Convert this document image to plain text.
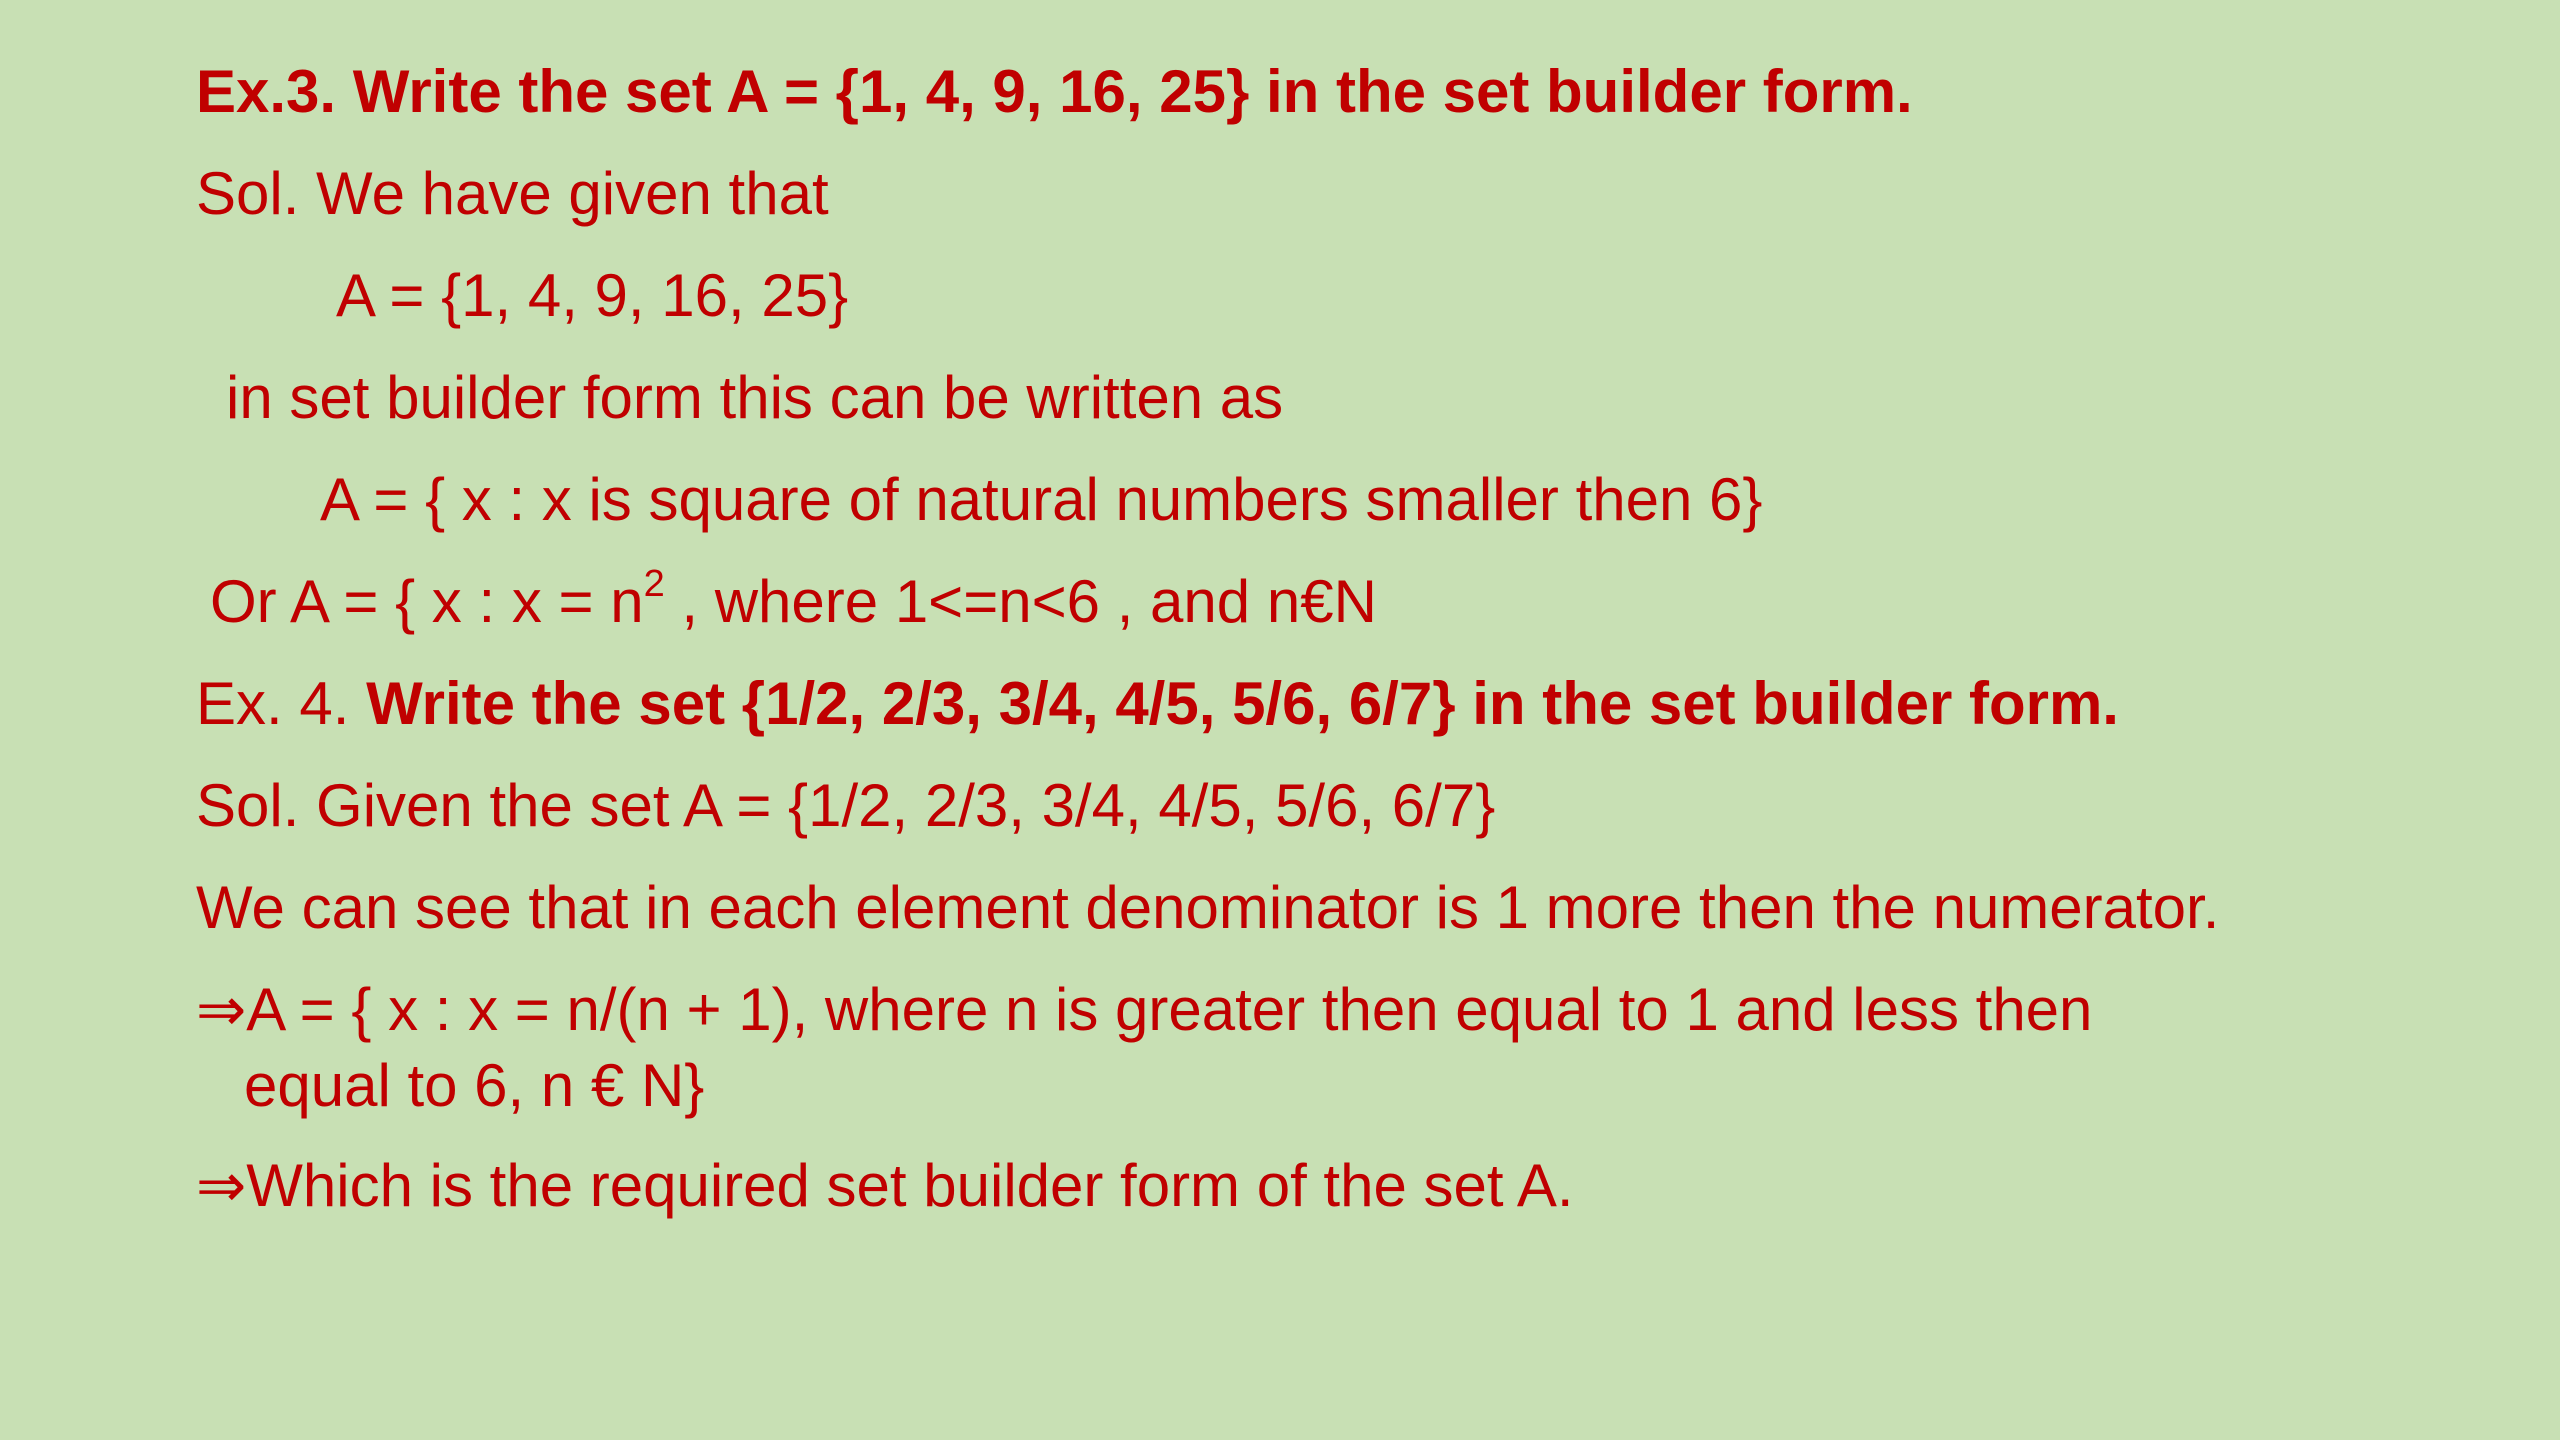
Ex.3. Write the set A = {1, 4, 9, 16, 25} in the set builder form.
Sol. We have given that
A = {1, 4, 9, 16, 25}
in set builder form this can be written as
A = { x : x is square of natural numbers smaller then 6}
Or A = { x : $x = n^2$ , where 1<=n<6 , and n€N
Ex. 4. Write the set {1/2, 2/3, 3/4, 4/5, 5/6, 6/7} in the set builder form.
Sol. Given the set A = {1/2, 2/3, 3/4, 4/5, 5/6, 6/7}
We can see that in each element denominator is 1 more then the numerator.
⇒A = { x : x = n/(n + 1), where n is greater then equal to 1 and less then
equal to 6, n € N}
⇒Which is the required set builder form of the set A.
